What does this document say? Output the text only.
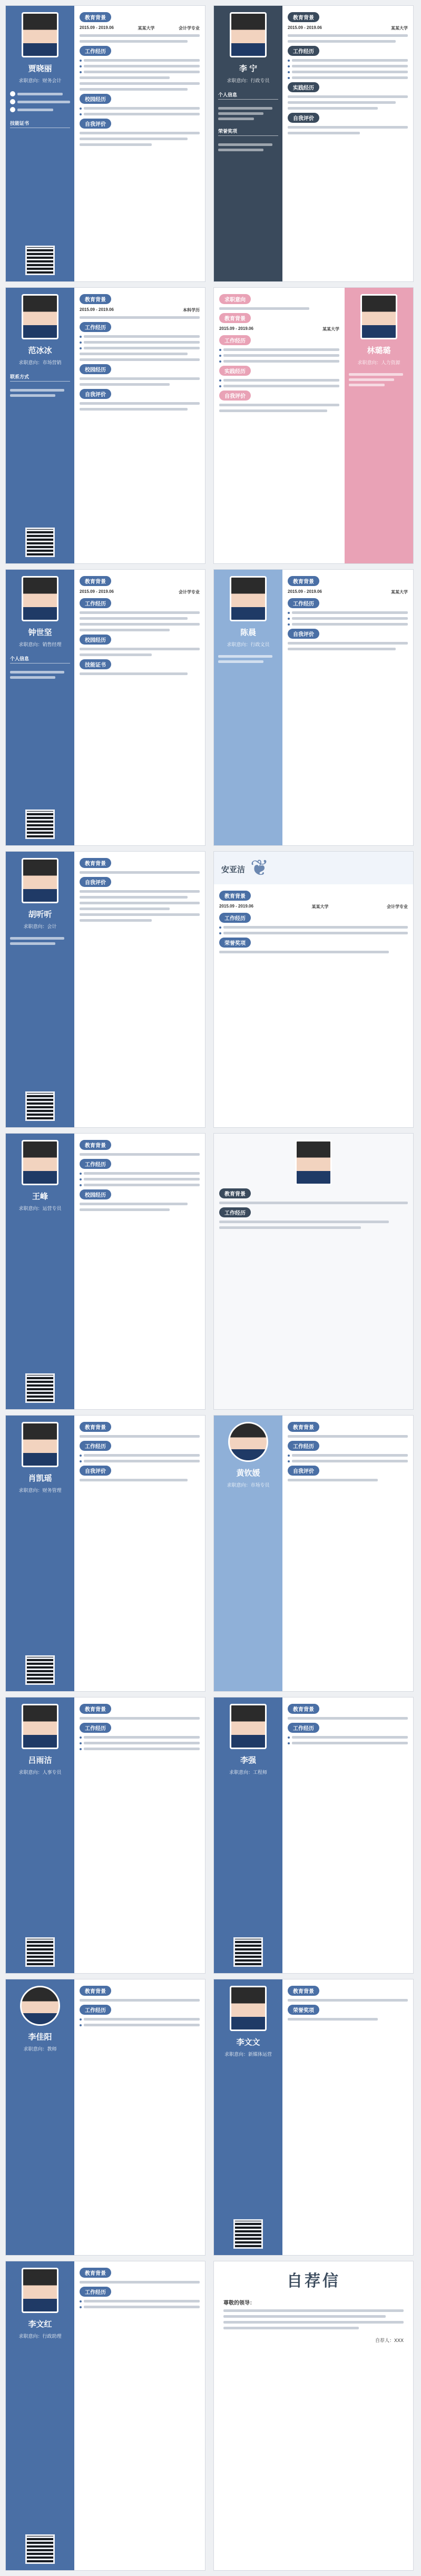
贾晓丽
求职意向：财务会计
技能证书
教育背景
2015.09 - 2019.06	某某大学	会计学专业
工作经历
校园经历
自我评价
李 宁
求职意向：行政专员
个人信息
荣誉奖项
教育背景
2015.09 - 2019.06	某某大学
工作经历
实践经历
自我评价
范冰冰
求职意向：市场营销
联系方式
教育背景
2015.09 - 2019.06	本科学历
工作经历
校园经历
自我评价
林璐璐
求职意向：人力资源
求职意向
教育背景
2015.09 - 2019.06	某某大学
工作经历
实践经历
自我评价
钟世坚
求职意向：销售经理
个人信息
教育背景
2015.09 - 2019.06	会计学专业
工作经历
校园经历
技能证书
陈晨
求职意向：行政文员
教育背景
2015.09 - 2019.06	某某大学
工作经历
自我评价
胡听听
求职意向：会计
教育背景
自我评价
安亚洁 ❦
教育背景
2015.09 - 2019.06	某某大学	会计学专业
工作经历
荣誉奖项
王峰
求职意向：运营专员
教育背景
工作经历
校园经历	教育背景
工作经历
肖凯瑶
求职意向：财务管理
教育背景
工作经历
自我评价	黄钦媛
求职意向：市场专员
教育背景
工作经历
自我评价
吕雨洁
求职意向：人事专员
教育背景
工作经历
李强
求职意向：工程师
教育背景
工作经历
李佳阳
求职意向：教师
教育背景
工作经历
李文文
求职意向：新媒体运营
教育背景
荣誉奖项
李文红
求职意向：行政助理
教育背景
工作经历
自荐信
尊敬的领导：
自荐人：XXX
